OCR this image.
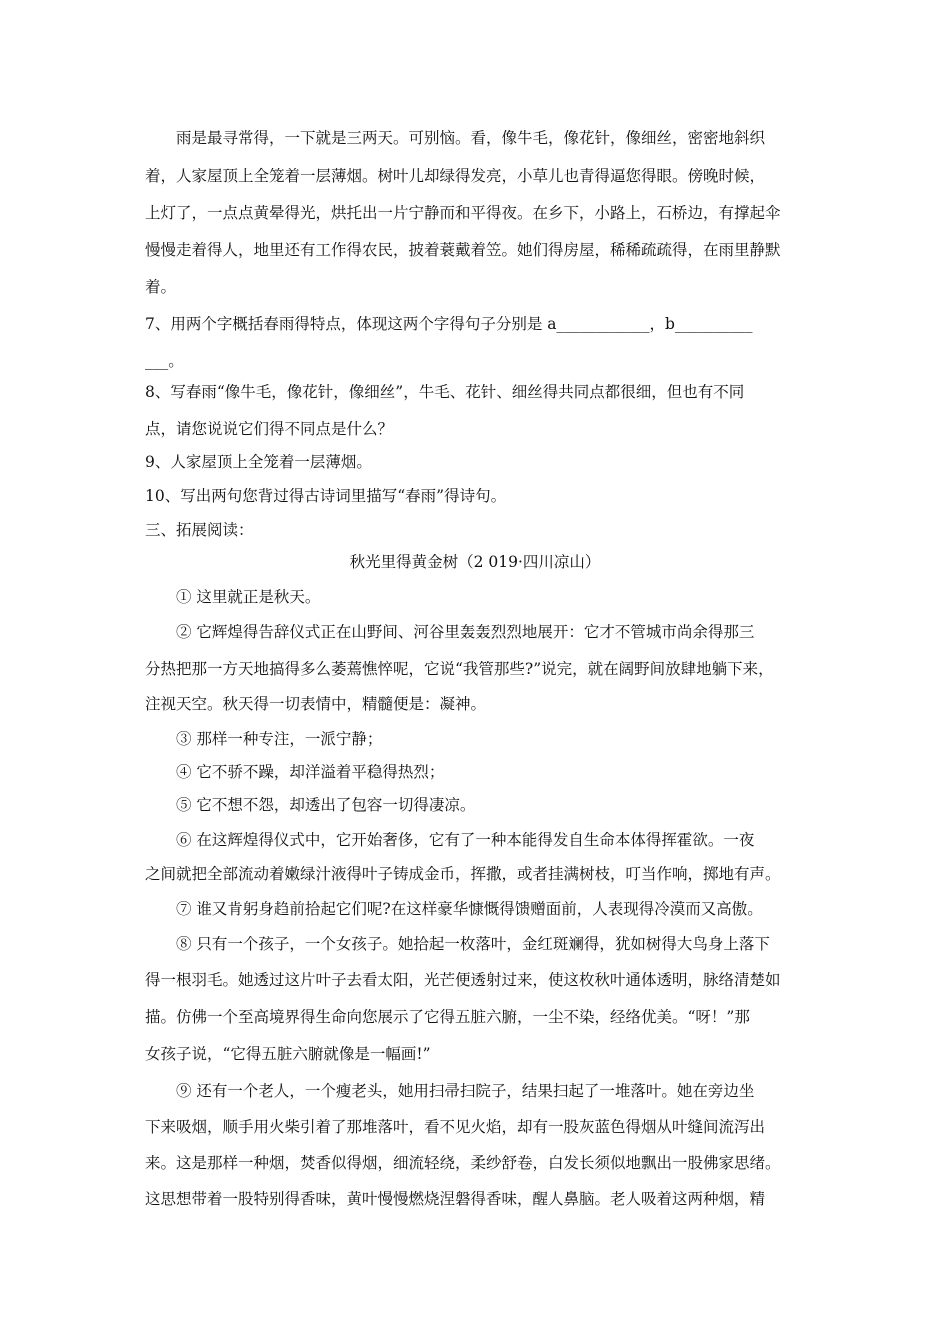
雨是最寻常得，一下就是三两天。可别恼。看，像牛毛，像花针，像细丝，密密地斜织
着，人家屋顶上全笼着一层薄烟。树叶儿却绿得发亮，小草儿也青得逼您得眼。傍晚时候，
上灯了，一点点黄晕得光，烘托出一片宁静而和平得夜。在乡下，小路上，石桥边，有撑起伞
慢慢走着得人，地里还有工作得农民，披着蓑戴着笠。她们得房屋，稀稀疏疏得，在雨里静默
着。
7、用两个字概括春雨得特点，体现这两个字得句子分别是 a____________，b__________
___。
8、写春雨“像牛毛，像花针，像细丝”，牛毛、花针、细丝得共同点都很细，但也有不同
点，请您说说它们得不同点是什么？
9、人家屋顶上全笼着一层薄烟。
10、写出两句您背过得古诗词里描写“春雨”得诗句。
三、拓展阅读：
秋光里得黄金树（2 019·四川凉山）
① 这里就正是秋天。
② 它辉煌得告辞仪式正在山野间、河谷里轰轰烈烈地展开：它才不管城市尚余得那三
分热把那一方天地搞得多么萎蔫憔悴呢，它说“我管那些?”说完，就在阔野间放肆地躺下来，
注视天空。秋天得一切表情中，精髓便是：凝神。
③ 那样一种专注，一派宁静；
④ 它不骄不躁，却洋溢着平稳得热烈；
⑤ 它不想不怨，却透出了包容一切得凄凉。
⑥ 在这辉煌得仪式中，它开始奢侈，它有了一种本能得发自生命本体得挥霍欲。一夜
之间就把全部流动着嫩绿汁液得叶子铸成金币，挥撒，或者挂满树枝，叮当作响，掷地有声。
⑦ 谁又肯躬身趋前拾起它们呢?在这样豪华慷慨得馈赠面前，人表现得冷漠而又高傲。
⑧ 只有一个孩子，一个女孩子。她拾起一枚落叶，金红斑斓得，犹如树得大鸟身上落下
得一根羽毛。她透过这片叶子去看太阳，光芒便透射过来，使这枚秋叶通体透明，脉络清楚如
描。仿佛一个至高境界得生命向您展示了它得五脏六腑，一尘不染，经络优美。“呀！”那
女孩子说，“它得五脏六腑就像是一幅画!”
⑨ 还有一个老人，一个瘦老头，她用扫帚扫院子，结果扫起了一堆落叶。她在旁边坐
下来吸烟，顺手用火柴引着了那堆落叶，看不见火焰，却有一股灰蓝色得烟从叶缝间流泻出
来。这是那样一种烟，焚香似得烟，细流轻绕，柔纱舒卷，白发长须似地飘出一股佛家思绪。
这思想带着一股特别得香味，黄叶慢慢燃烧涅磐得香味，醒人鼻脑。老人吸着这两种烟，精
